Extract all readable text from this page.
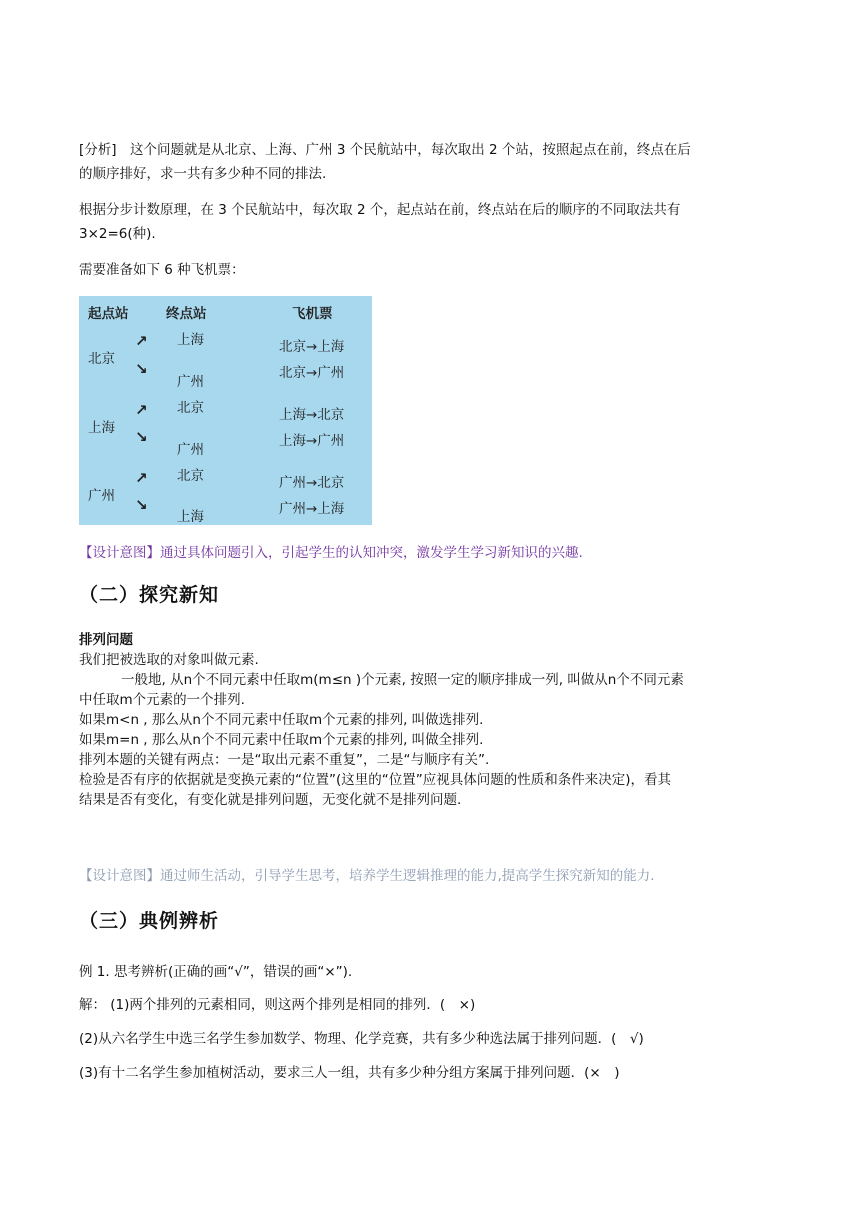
[分析]　这个问题就是从北京、上海、广州 3 个民航站中，每次取出 2 个站，按照起点在前，终点在后
的顺序排好，求一共有多少种不同的排法.

根据分步计数原理，在 3 个民航站中，每次取 2 个，起点站在前，终点站在后的顺序的不同取法共有
3×2=6(种).

需要准备如下 6 种飞机票：

起点站	终点站	飞机票
北京
↗
↘
上海
广州
北京→上海
北京→广州
上海
↗
↘
北京
广州
上海→北京
上海→广州
广州
↗
↘
北京
上海
广州→北京
广州→上海

【设计意图】通过具体问题引入，引起学生的认知冲突，激发学生学习新知识的兴趣.

（二）探究新知
排列问题
我们把被选取的对象叫做元素.
一般地, 从n个不同元素中任取m(m≤n )个元素, 按照一定的顺序排成一列, 叫做从n个不同元素
中任取m个元素的一个排列.
如果m<n , 那么从n个不同元素中任取m个元素的排列, 叫做选排列.
如果m=n , 那么从n个不同元素中任取m个元素的排列, 叫做全排列.
排列本题的关键有两点：一是“取出元素不重复”，二是“与顺序有关”.
检验是否有序的依据就是变换元素的“位置”(这里的“位置”应视具体问题的性质和条件来决定)，看其
结果是否有变化，有变化就是排列问题，无变化就不是排列问题.

【设计意图】通过师生活动，引导学生思考，培养学生逻辑推理的能力,提高学生探究新知的能力.

（三）典例辨析

例 1. 思考辨析(正确的画“√”，错误的画“×”).

解： (1)两个排列的元素相同，则这两个排列是相同的排列．(　×)

(2)从六名学生中选三名学生参加数学、物理、化学竞赛，共有多少种选法属于排列问题．(　√)

(3)有十二名学生参加植树活动，要求三人一组，共有多少种分组方案属于排列问题．(×　)
